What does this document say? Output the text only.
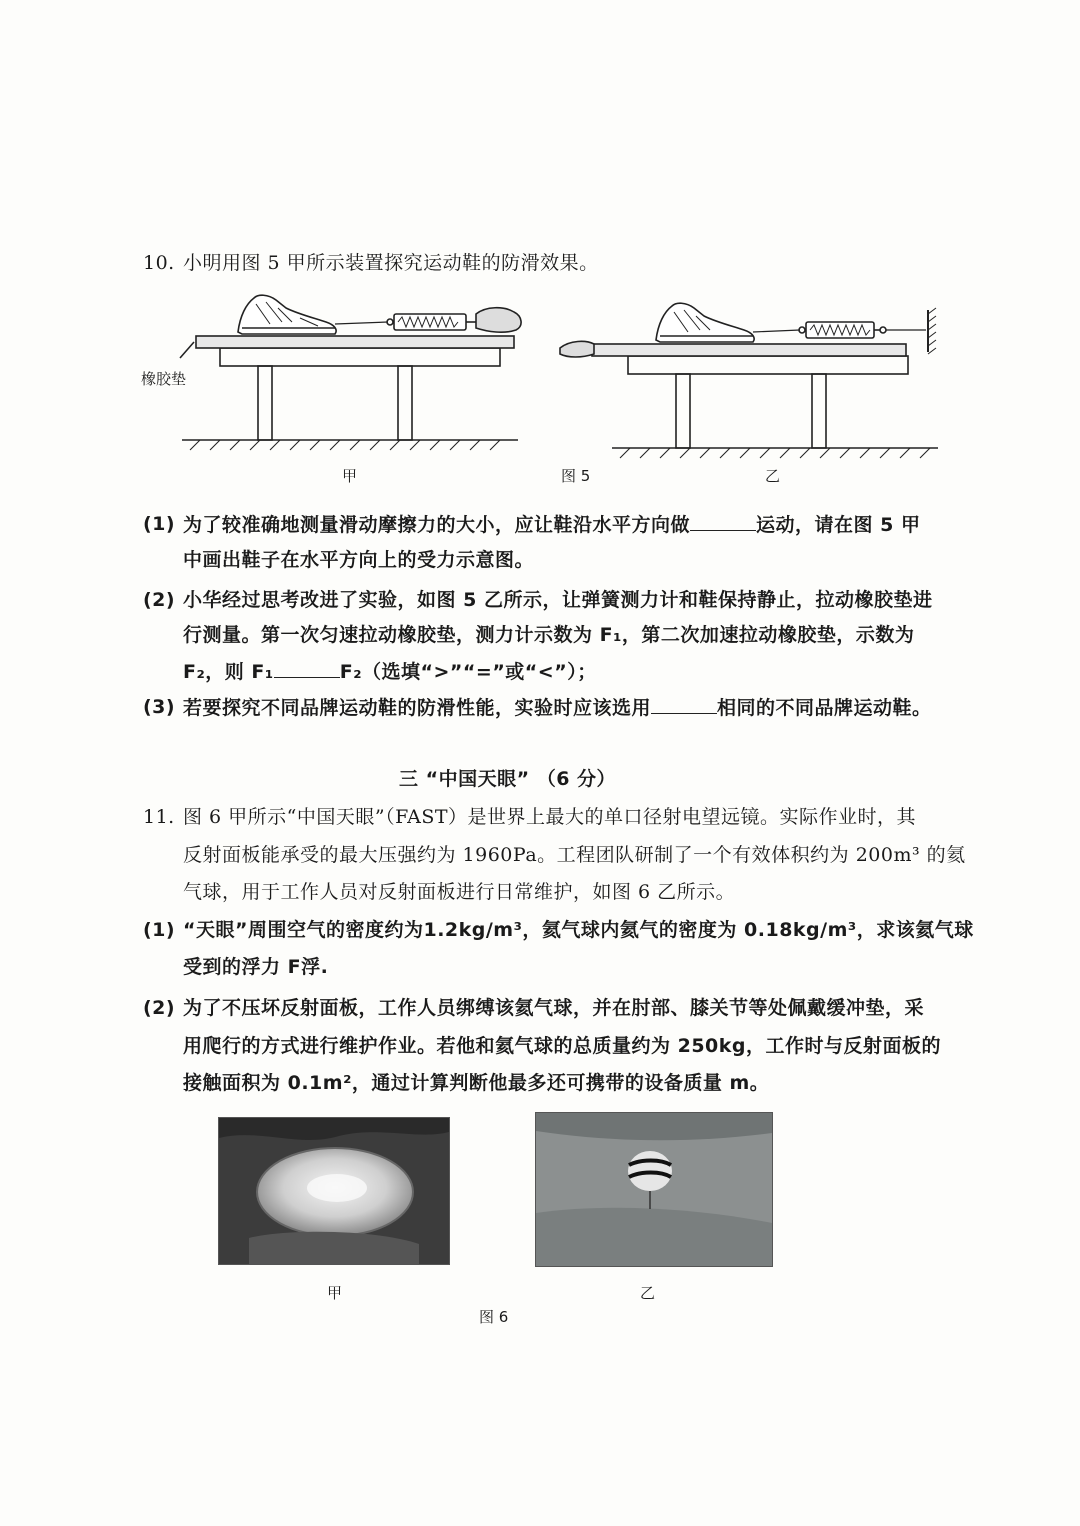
10. 小明用图 5 甲所示装置探究运动鞋的防滑效果。
橡胶垫
甲	图 5	乙
(1) 为了较准确地测量滑动摩擦力的大小，应让鞋沿水平方向做	运动，请在图 5 甲
中画出鞋子在水平方向上的受力示意图。
(2) 小华经过思考改进了实验，如图 5 乙所示，让弹簧测力计和鞋保持静止，拉动橡胶垫进
行测量。第一次匀速拉动橡胶垫，测力计示数为 F₁，第二次加速拉动橡胶垫，示数为
F₂，则 F₁	F₂（选填“>”“=”或“<”）；
(3) 若要探究不同品牌运动鞋的防滑性能，实验时应该选用	相同的不同品牌运动鞋。
三 “中国天眼” （6 分）
11. 图 6 甲所示“中国天眼”（FAST）是世界上最大的单口径射电望远镜。实际作业时，其
反射面板能承受的最大压强约为 1960Pa。工程团队研制了一个有效体积约为 200m³ 的氦
气球，用于工作人员对反射面板进行日常维护，如图 6 乙所示。
(1) “天眼”周围空气的密度约为1.2kg/m³，氦气球内氦气的密度为 0.18kg/m³，求该氦气球
受到的浮力 F浮.
(2) 为了不压坏反射面板，工作人员绑缚该氦气球，并在肘部、膝关节等处佩戴缓冲垫，采
用爬行的方式进行维护作业。若他和氦气球的总质量约为 250kg，工作时与反射面板的
接触面积为 0.1m²，通过计算判断他最多还可携带的设备质量 m。
甲	乙
图 6
